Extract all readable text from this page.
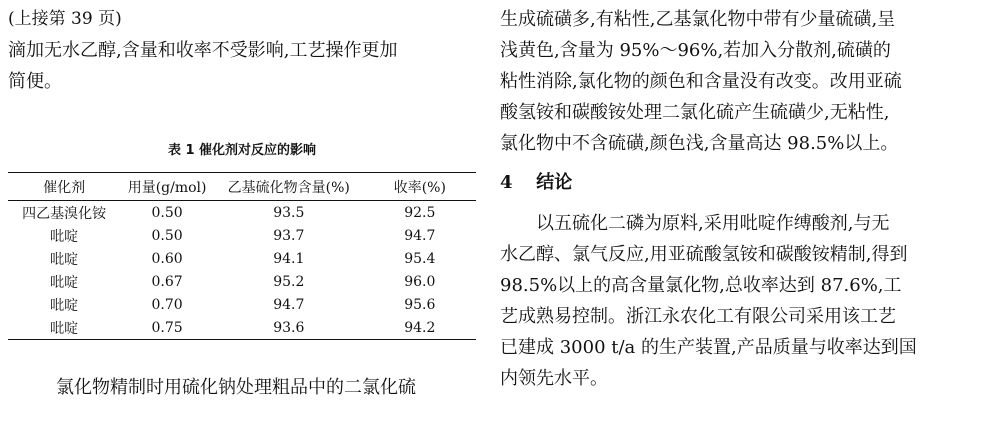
(上接第 39 页)

滴加无水乙醇,含量和收率不受影响,工艺操作更加
简便。

表 1 催化剂对反应的影响
催化剂	用量(g/mol)	乙基硫化物含量(%)	收率(%)
四乙基溴化铵	0.50	93.5	92.5
吡啶	0.50	93.7	94.7
吡啶	0.60	94.1	95.4
吡啶	0.67	95.2	96.0
吡啶	0.70	94.7	95.6
吡啶	0.75	93.6	94.2
氯化物精制时用硫化钠处理粗品中的二氯化硫

生成硫磺多,有粘性,乙基氯化物中带有少量硫磺,呈
浅黄色,含量为 95%～96%,若加入分散剂,硫磺的
粘性消除,氯化物的颜色和含量没有改变。改用亚硫
酸氢铵和碳酸铵处理二氯化硫产生硫磺少,无粘性,
氯化物中不含硫磺,颜色浅,含量高达 98.5%以上。

4 结论

以五硫化二磷为原料,采用吡啶作缚酸剂,与无
水乙醇、氯气反应,用亚硫酸氢铵和碳酸铵精制,得到
98.5%以上的高含量氯化物,总收率达到 87.6%,工
艺成熟易控制。浙江永农化工有限公司采用该工艺
已建成 3000 t/a 的生产装置,产品质量与收率达到国
内领先水平。
